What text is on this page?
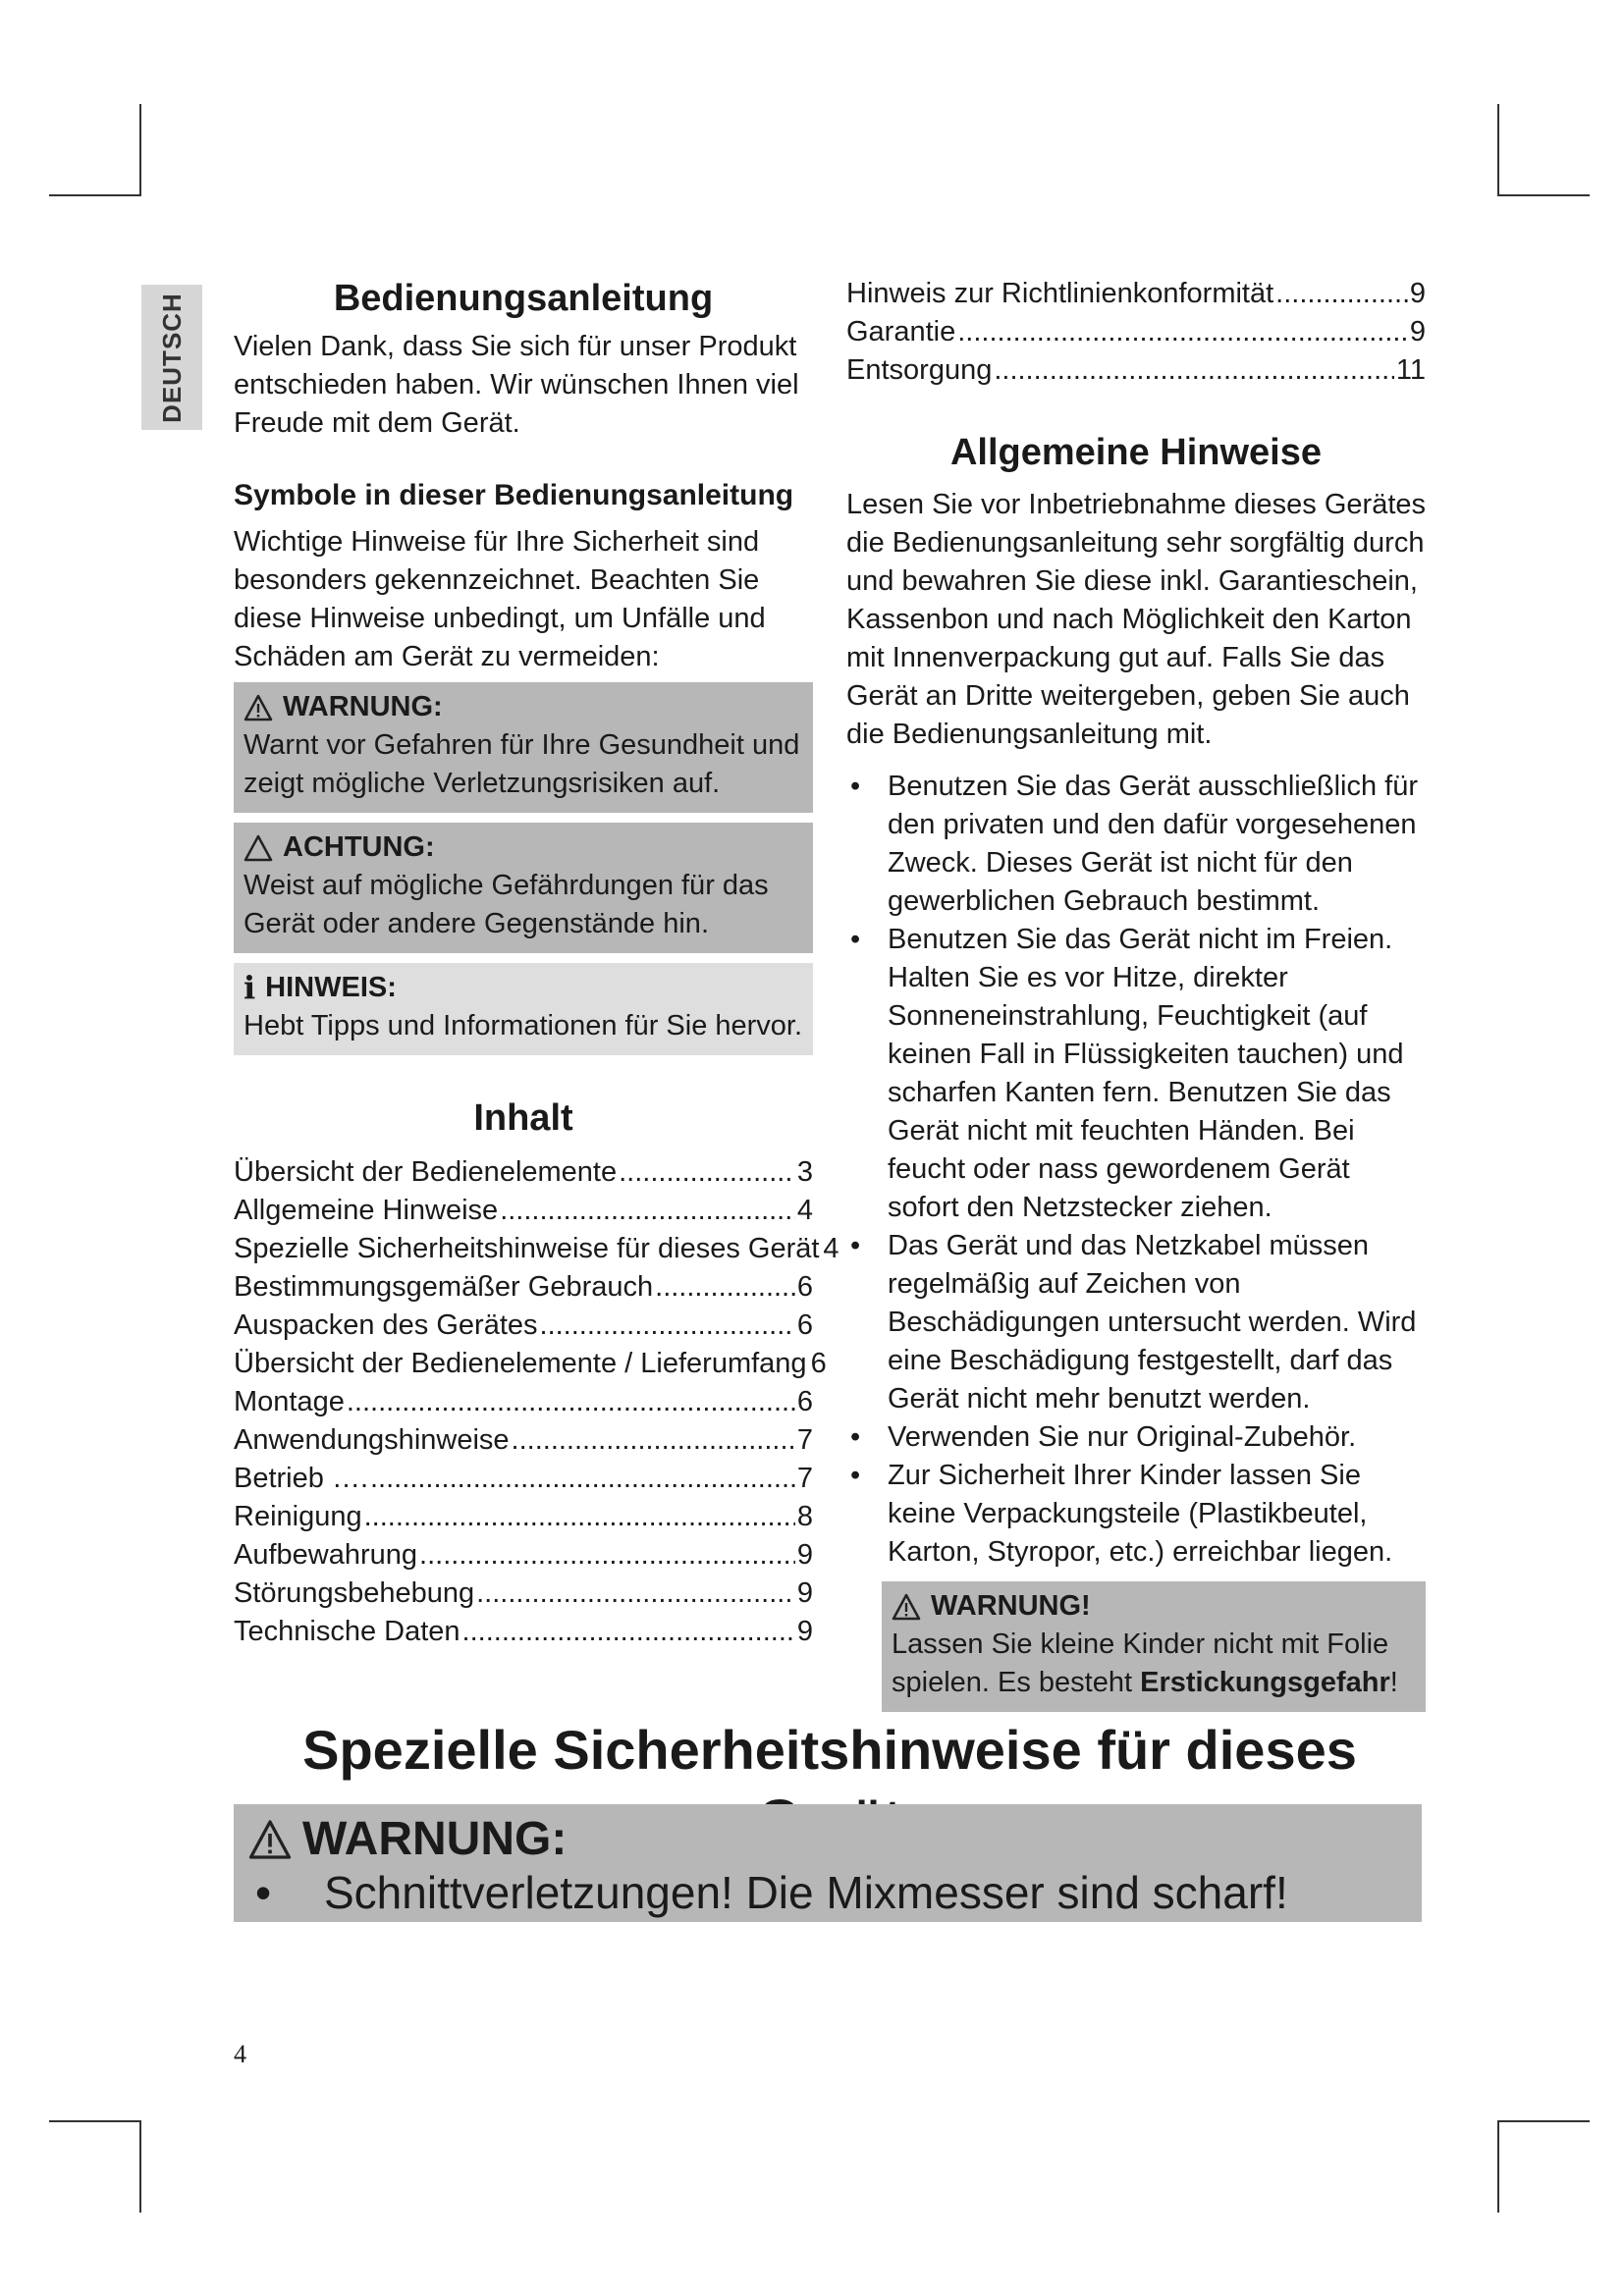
DEUTSCH	Bedienungsanleitung

Vielen Dank, dass Sie sich für unser Produkt entschieden haben. Wir wünschen Ihnen viel Freude mit dem Gerät.

Symbole in dieser Bedienungsanleitung

Wichtige Hinweise für Ihre Sicherheit sind besonders gekennzeichnet. Beachten Sie diese Hinweise unbedingt, um Unfälle und Schäden am Gerät zu vermeiden:

WARNUNG:

Warnt vor Gefahren für Ihre Gesundheit und zeigt mögliche Verletzungsrisiken auf.

ACHTUNG:

Weist auf mögliche Gefährdungen für das Gerät oder andere Gegenstände hin.

i HINWEIS:

Hebt Tipps und Informationen für Sie hervor.

Inhalt
Übersicht der Bedienelemente .....	3
Allgemeine Hinweise .....	4
Spezielle Sicherheitshinweise für dieses Gerät 4
Bestimmungsgemäßer Gebrauch .....	6
Auspacken des Gerätes .....	6
Übersicht der Bedienelemente / Lieferumfang 6
Montage .....	6
Anwendungshinweise .....	7
Betrieb …. .....	7
Reinigung .....	8
Aufbewahrung .....	9
Störungsbehebung .....	9
Technische Daten .....	9
Hinweis zur Richtlinienkonformität .....	9
Garantie .....	9
Entsorgung .....	11
Allgemeine Hinweise

Lesen Sie vor Inbetriebnahme dieses Gerätes die Bedienungsanleitung sehr sorgfältig durch und bewahren Sie diese inkl. Garantieschein, Kassenbon und nach Möglichkeit den Karton mit Innenverpackung gut auf. Falls Sie das Gerät an Dritte weitergeben, geben Sie auch die Bedienungsanleitung mit.

• Benutzen Sie das Gerät ausschließlich für den privaten und den dafür vorgesehenen Zweck. Dieses Gerät ist nicht für den gewerblichen Gebrauch bestimmt.
• Benutzen Sie das Gerät nicht im Freien. Halten Sie es vor Hitze, direkter Sonneneinstrahlung, Feuchtigkeit (auf keinen Fall in Flüssigkeiten tauchen) und scharfen Kanten fern. Benutzen Sie das Gerät nicht mit feuchten Händen. Bei feucht oder nass gewordenem Gerät sofort den Netzstecker ziehen.
• Das Gerät und das Netzkabel müssen regelmäßig auf Zeichen von Beschädigungen untersucht werden. Wird eine Beschädigung festgestellt, darf das Gerät nicht mehr benutzt werden.
• Verwenden Sie nur Original-Zubehör.
• Zur Sicherheit Ihrer Kinder lassen Sie keine Verpackungsteile (Plastikbeutel, Karton, Styropor, etc.) erreichbar liegen.
WARNUNG!

Lassen Sie kleine Kinder nicht mit Folie spielen. Es besteht Erstickungsgefahr!

Spezielle Sicherheitshinweise für dieses
WARNUNG:
• Schnittverletzungen! Die Mixmesser sind scharf!
4
